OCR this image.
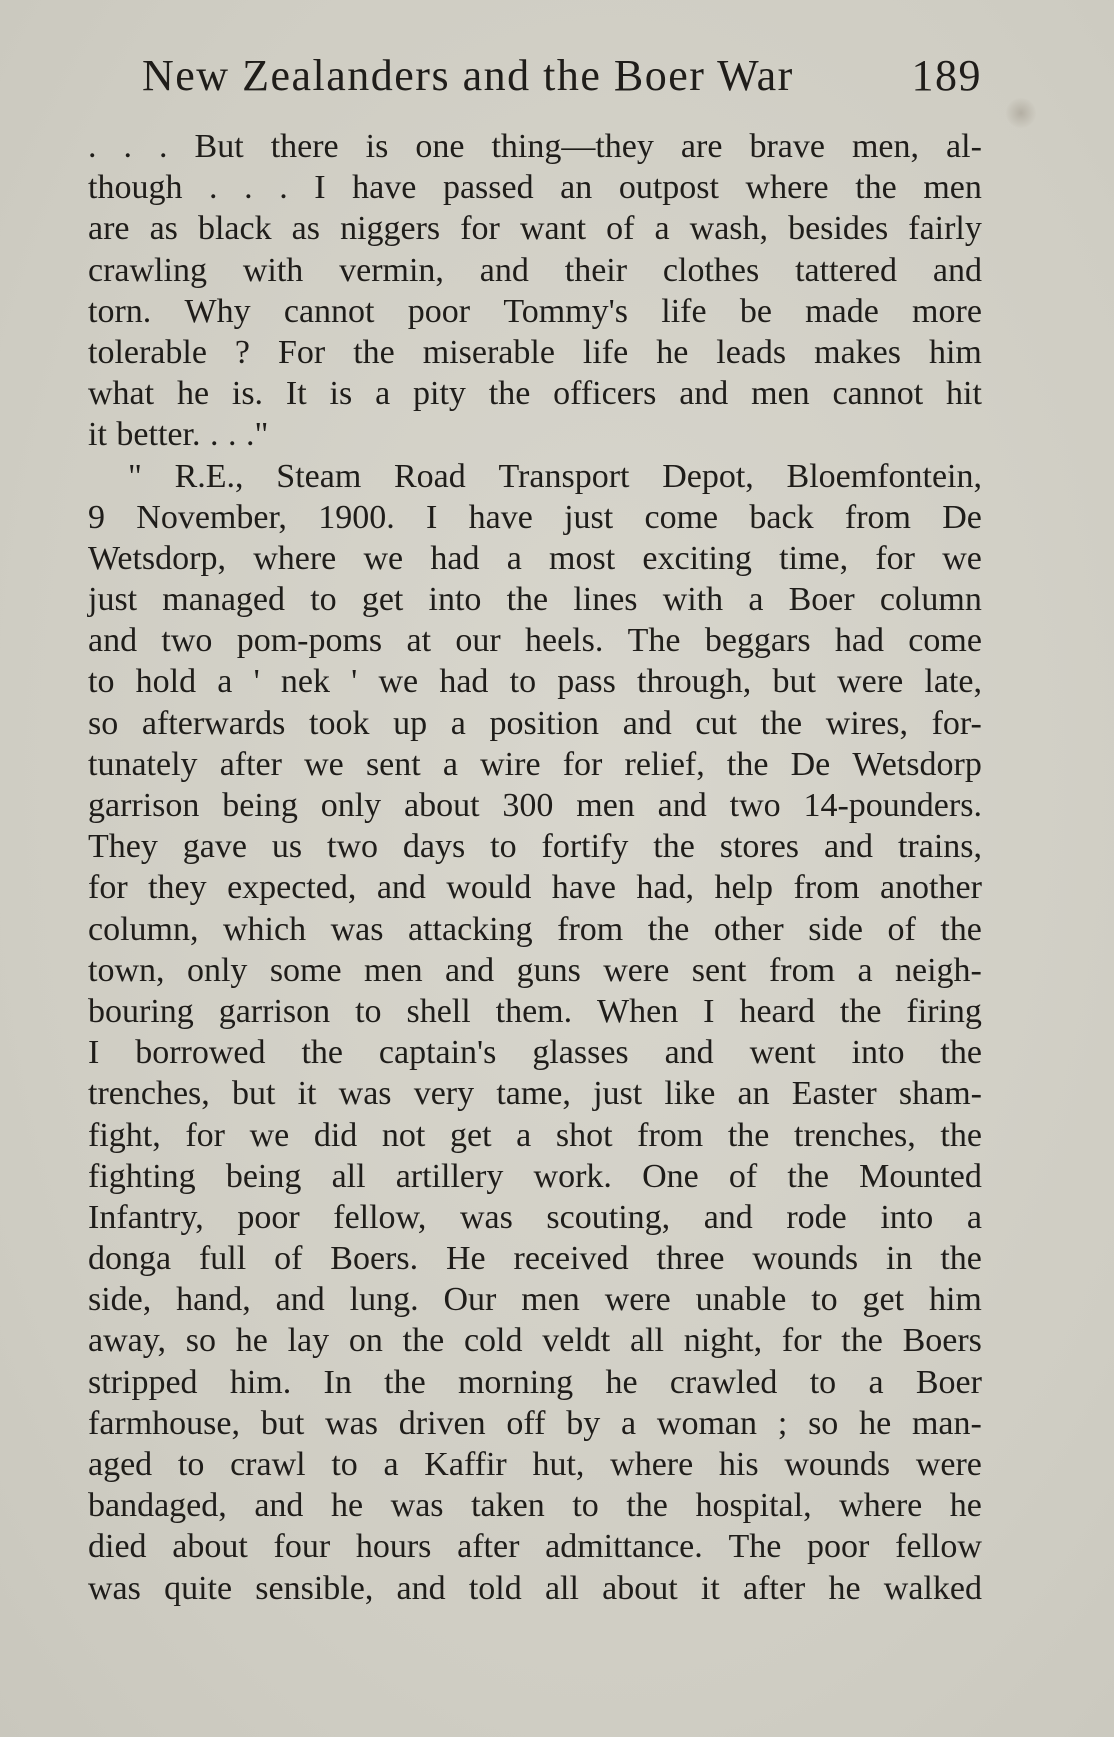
New Zealanders and the Boer War	189
. . . But there is one thing—they are brave men, al-
though . . . I have passed an outpost where the men
are as black as niggers for want of a wash, besides fairly
crawling with vermin, and their clothes tattered and
torn. Why cannot poor Tommy's life be made more
tolerable ? For the miserable life he leads makes him
what he is. It is a pity the officers and men cannot hit
it better. . . ."
" R.E., Steam Road Transport Depot, Bloemfontein,
9 November, 1900. I have just come back from De
Wetsdorp, where we had a most exciting time, for we
just managed to get into the lines with a Boer column
and two pom-poms at our heels. The beggars had come
to hold a ' nek ' we had to pass through, but were late,
so afterwards took up a position and cut the wires, for-
tunately after we sent a wire for relief, the De Wetsdorp
garrison being only about 300 men and two 14-pounders.
They gave us two days to fortify the stores and trains,
for they expected, and would have had, help from another
column, which was attacking from the other side of the
town, only some men and guns were sent from a neigh-
bouring garrison to shell them. When I heard the firing
I borrowed the captain's glasses and went into the
trenches, but it was very tame, just like an Easter sham-
fight, for we did not get a shot from the trenches, the
fighting being all artillery work. One of the Mounted
Infantry, poor fellow, was scouting, and rode into a
donga full of Boers. He received three wounds in the
side, hand, and lung. Our men were unable to get him
away, so he lay on the cold veldt all night, for the Boers
stripped him. In the morning he crawled to a Boer
farmhouse, but was driven off by a woman ; so he man-
aged to crawl to a Kaffir hut, where his wounds were
bandaged, and he was taken to the hospital, where he
died about four hours after admittance. The poor fellow
was quite sensible, and told all about it after he walked
